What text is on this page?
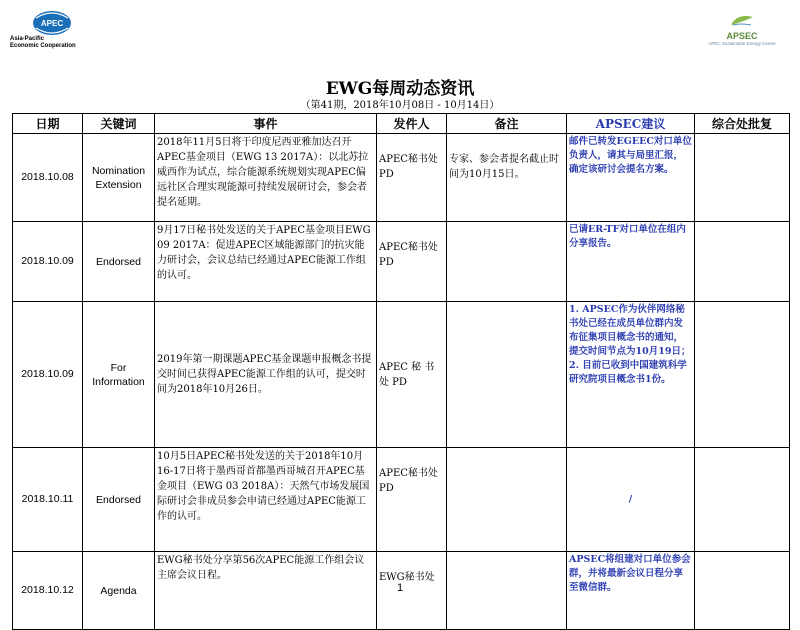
APEC
Asia-Pacific
Economic Cooperation
APSEC
APEC Sustainable Energy Centre
EWG每周动态资讯
（第41期，2018年10月08日 - 10月14日）
日期	关键词	事件	发件人	备注	APSEC建议	综合处批复
2018.10.08	Nomination Extension	2018年11月5日将于印度尼西亚雅加达召开APEC基金项目（EWG 13 2017A）：以北苏拉威西作为试点，综合能源系统规划实现APEC偏远社区合理实现能源可持续发展研讨会，参会者提名延期。	APEC秘书处PD	专家、参会者提名截止时间为10月15日。	邮件已转发EGEEC对口单位负责人，请其与局里汇报，确定该研讨会提名方案。	
2018.10.09	Endorsed	9月17日秘书处发送的关于APEC基金项目EWG 09 2017A：促进APEC区域能源部门的抗灾能力研讨会，会议总结已经通过APEC能源工作组的认可。	APEC秘书处PD		已请ER-TF对口单位在组内分享报告。	
2018.10.09	For Information	2019年第一期课题APEC基金课题申报概念书提交时间已获得APEC能源工作组的认可，提交时间为2018年10月26日。	APEC 秘 书 处 PD		1. APSEC作为伙伴网络秘书处已经在成员单位群内发布征集项目概念书的通知，提交时间节点为10月19日；
2. 目前已收到中国建筑科学研究院项目概念书1份。	
2018.10.11	Endorsed	10月5日APEC秘书处发送的关于2018年10月16-17日将于墨西哥首都墨西哥城召开APEC基金项目（EWG 03 2018A）：天然气市场发展国际研讨会非成员参会申请已经通过APEC能源工作的认可。	APEC秘书处PD		/	
2018.10.12	Agenda	EWG秘书处分享第56次APEC能源工作组会议主席会议日程。	EWG秘书处		APSEC将组建对口单位参会群，并将最新会议日程分享至微信群。	
1
